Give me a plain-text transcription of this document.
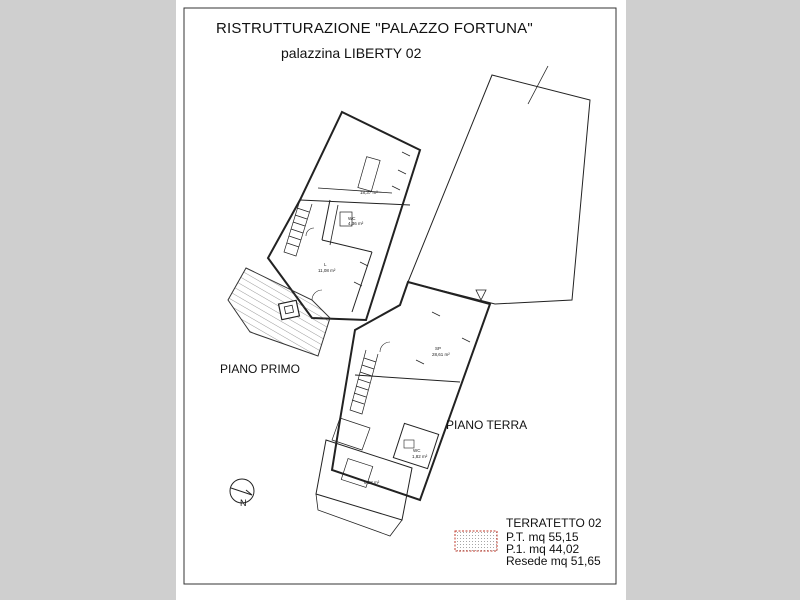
RISTRUTTURAZIONE "PALAZZO FORTUNA"
palazzina LIBERTY 02
PIANO PRIMO
PIANO TERRA
18,37 m²
WC
4,36 m²
L
11,08 m²
SP
28,61 m²
WC
1,82 m²
6,58 m²
N
TERRATETTO 02
P.T. mq 55,15
P.1. mq 44,02
Resede mq 51,65
